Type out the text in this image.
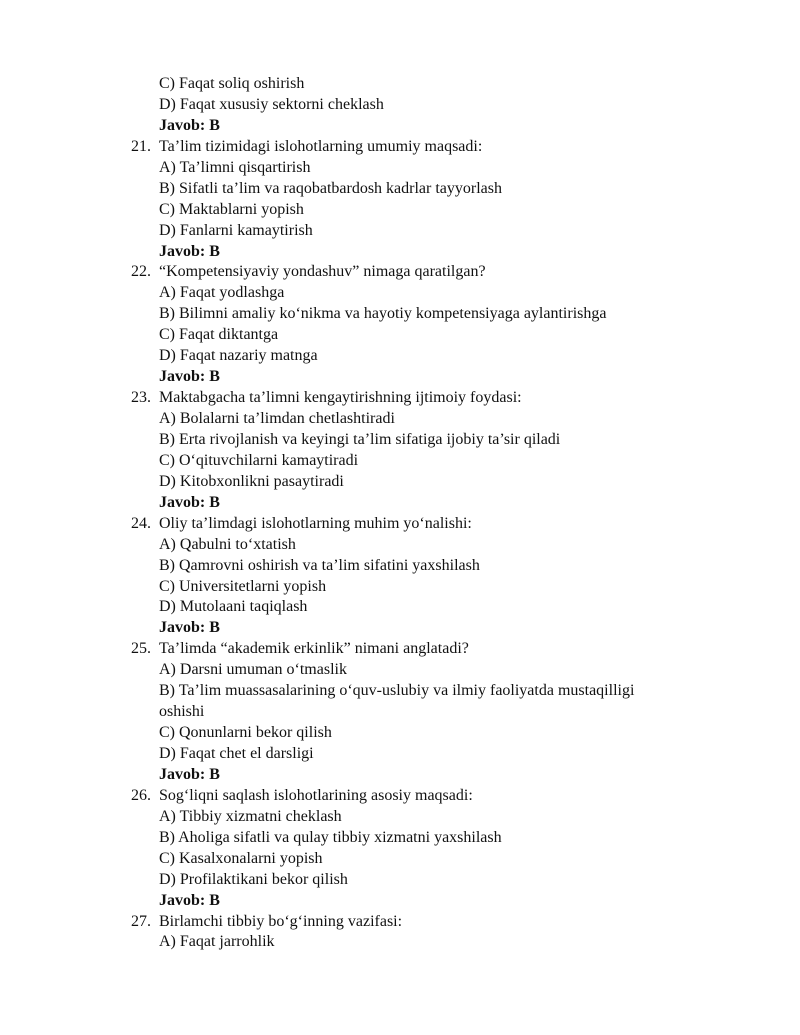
C) Faqat soliq oshirish
D) Faqat xususiy sektorni cheklash
Javob: B
21. Ta’lim tizimidagi islohotlarning umumiy maqsadi:
A) Ta’limni qisqartirish
B) Sifatli ta’lim va raqobatbardosh kadrlar tayyorlash
C) Maktablarni yopish
D) Fanlarni kamaytirish
Javob: B
22. “Kompetensiyaviy yondashuv” nimaga qaratilgan?
A) Faqat yodlashga
B) Bilimni amaliy ko‘nikma va hayotiy kompetensiyaga aylantirishga
C) Faqat diktantga
D) Faqat nazariy matnga
Javob: B
23. Maktabgacha ta’limni kengaytirishning ijtimoiy foydasi:
A) Bolalarni ta’limdan chetlashtiradi
B) Erta rivojlanish va keyingi ta’lim sifatiga ijobiy ta’sir qiladi
C) O‘qituvchilarni kamaytiradi
D) Kitobxonlikni pasaytiradi
Javob: B
24. Oliy ta’limdagi islohotlarning muhim yo‘nalishi:
A) Qabulni to‘xtatish
B) Qamrovni oshirish va ta’lim sifatini yaxshilash
C) Universitetlarni yopish
D) Mutolaani taqiqlash
Javob: B
25. Ta’limda “akademik erkinlik” nimani anglatadi?
A) Darsni umuman o‘tmaslik
B) Ta’lim muassasalarining o‘quv-uslubiy va ilmiy faoliyatda mustaqilligi
oshishi
C) Qonunlarni bekor qilish
D) Faqat chet el darsligi
Javob: B
26. Sog‘liqni saqlash islohotlarining asosiy maqsadi:
A) Tibbiy xizmatni cheklash
B) Aholiga sifatli va qulay tibbiy xizmatni yaxshilash
C) Kasalxonalarni yopish
D) Profilaktikani bekor qilish
Javob: B
27. Birlamchi tibbiy bo‘g‘inning vazifasi:
A) Faqat jarrohlik
